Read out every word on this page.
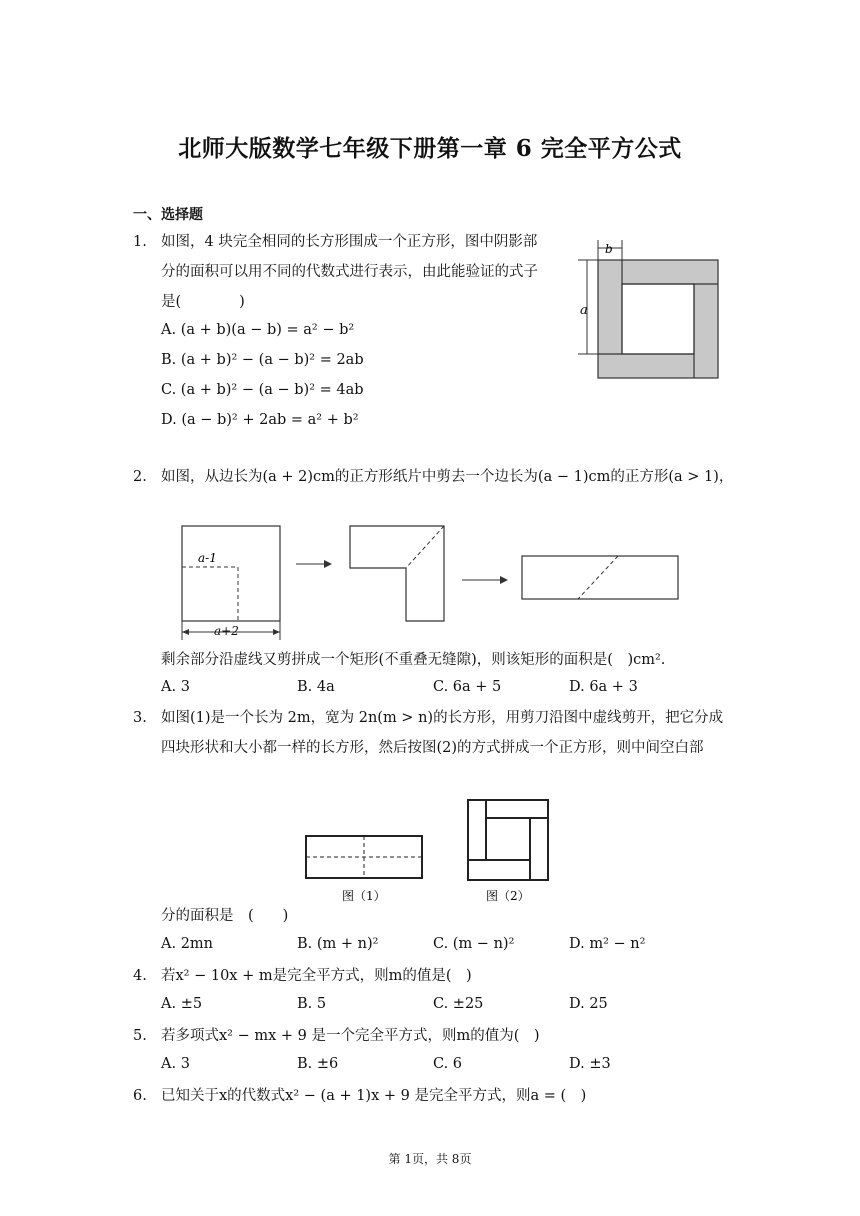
北师大版数学七年级下册第一章 6 完全平方公式
一、选择题
1. 如图，4 块完全相同的长方形围成一个正方形，图中阴影部
分的面积可以用不同的代数式进行表示，由此能验证的式子
是(　　　　)
A. (a + b)(a − b) = a² − b²
B. (a + b)² − (a − b)² = 2ab
C. (a + b)² − (a − b)² = 4ab
D. (a − b)² + 2ab = a² + b²
b
a
2. 如图，从边长为(a + 2)cm的正方形纸片中剪去一个边长为(a − 1)cm的正方形(a > 1)，
a-1
a+2
剩余部分沿虚线又剪拼成一个矩形(不重叠无缝隙)，则该矩形的面积是(　)cm².
A. 3	B. 4a	C. 6a + 5	D. 6a + 3
3. 如图(1)是一个长为 2m，宽为 2n(m > n)的长方形，用剪刀沿图中虚线剪开，把它分成
四块形状和大小都一样的长方形，然后按图(2)的方式拼成一个正方形，则中间空白部
图（1）	图（2）
分的面积是　(　　)
A. 2mn	B. (m + n)²	C. (m − n)²	D. m² − n²
4. 若x² − 10x + m是完全平方式，则m的值是(　)
A. ±5	B. 5	C. ±25	D. 25
5. 若多项式x² − mx + 9 是一个完全平方式，则m的值为(　)
A. 3	B. ±6	C. 6	D. ±3
6. 已知关于x的代数式x² − (a + 1)x + 9 是完全平方式，则a = (　)
第 1页，共 8页
